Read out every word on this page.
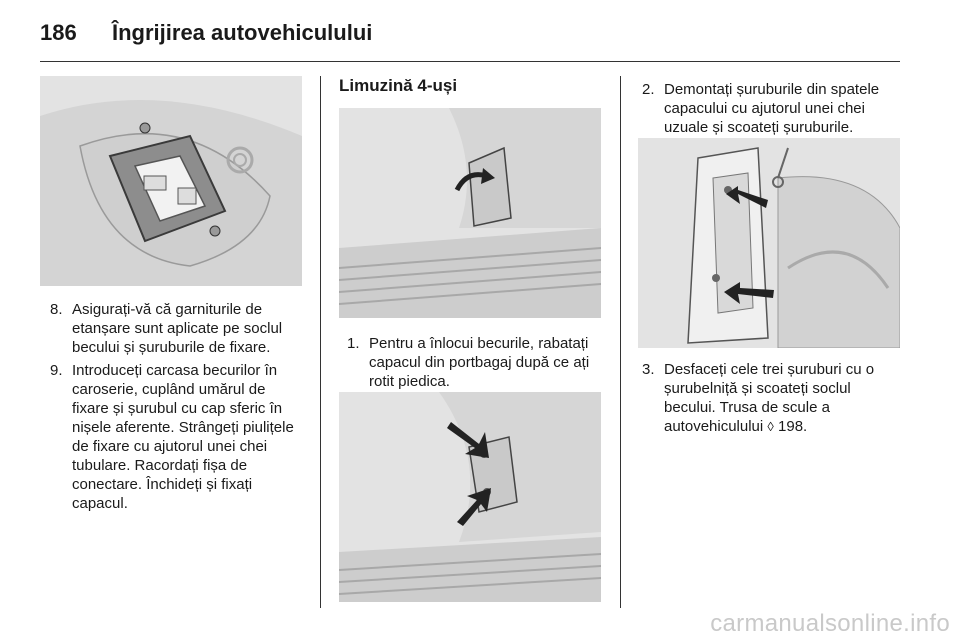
186 Îngrijirea autovehiculului
8. Asigurați-vă că garniturile de etanșare sunt aplicate pe soclul becului și șuruburile de fixare.
9. Introduceți carcasa becurilor în caroserie, cuplând umărul de fixare și șurubul cu cap sferic în nișele aferente. Strângeți piulițele de fixare cu ajutorul unei chei tubulare. Racordați fișa de conectare. Închideți și fixați capacul.
Limuzină 4-uși
1. Pentru a înlocui becurile, rabatați capacul din portbagaj după ce ați rotit piedica.
2. Demontați șuruburile din spatele capacului cu ajutorul unei chei uzuale și scoateți șuruburile.
3. Desfaceți cele trei șuruburi cu o șurubelniță și scoateți soclul becului. Trusa de scule a autovehiculului ◊ 198.
carmanualsonline.info
